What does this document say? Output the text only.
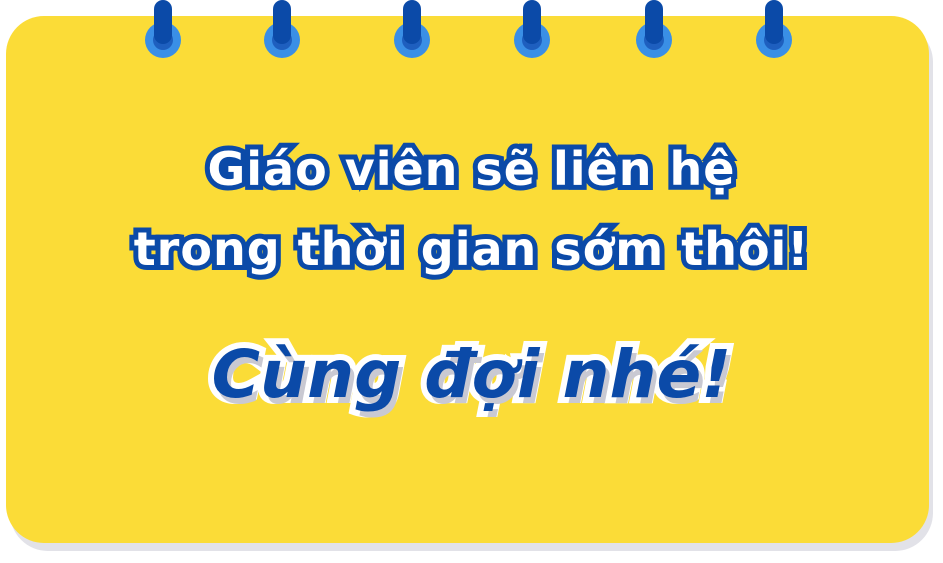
Giáo viên sẽ liên hệ
trong thời gian sớm thôi!
Cùng đợi nhé!
